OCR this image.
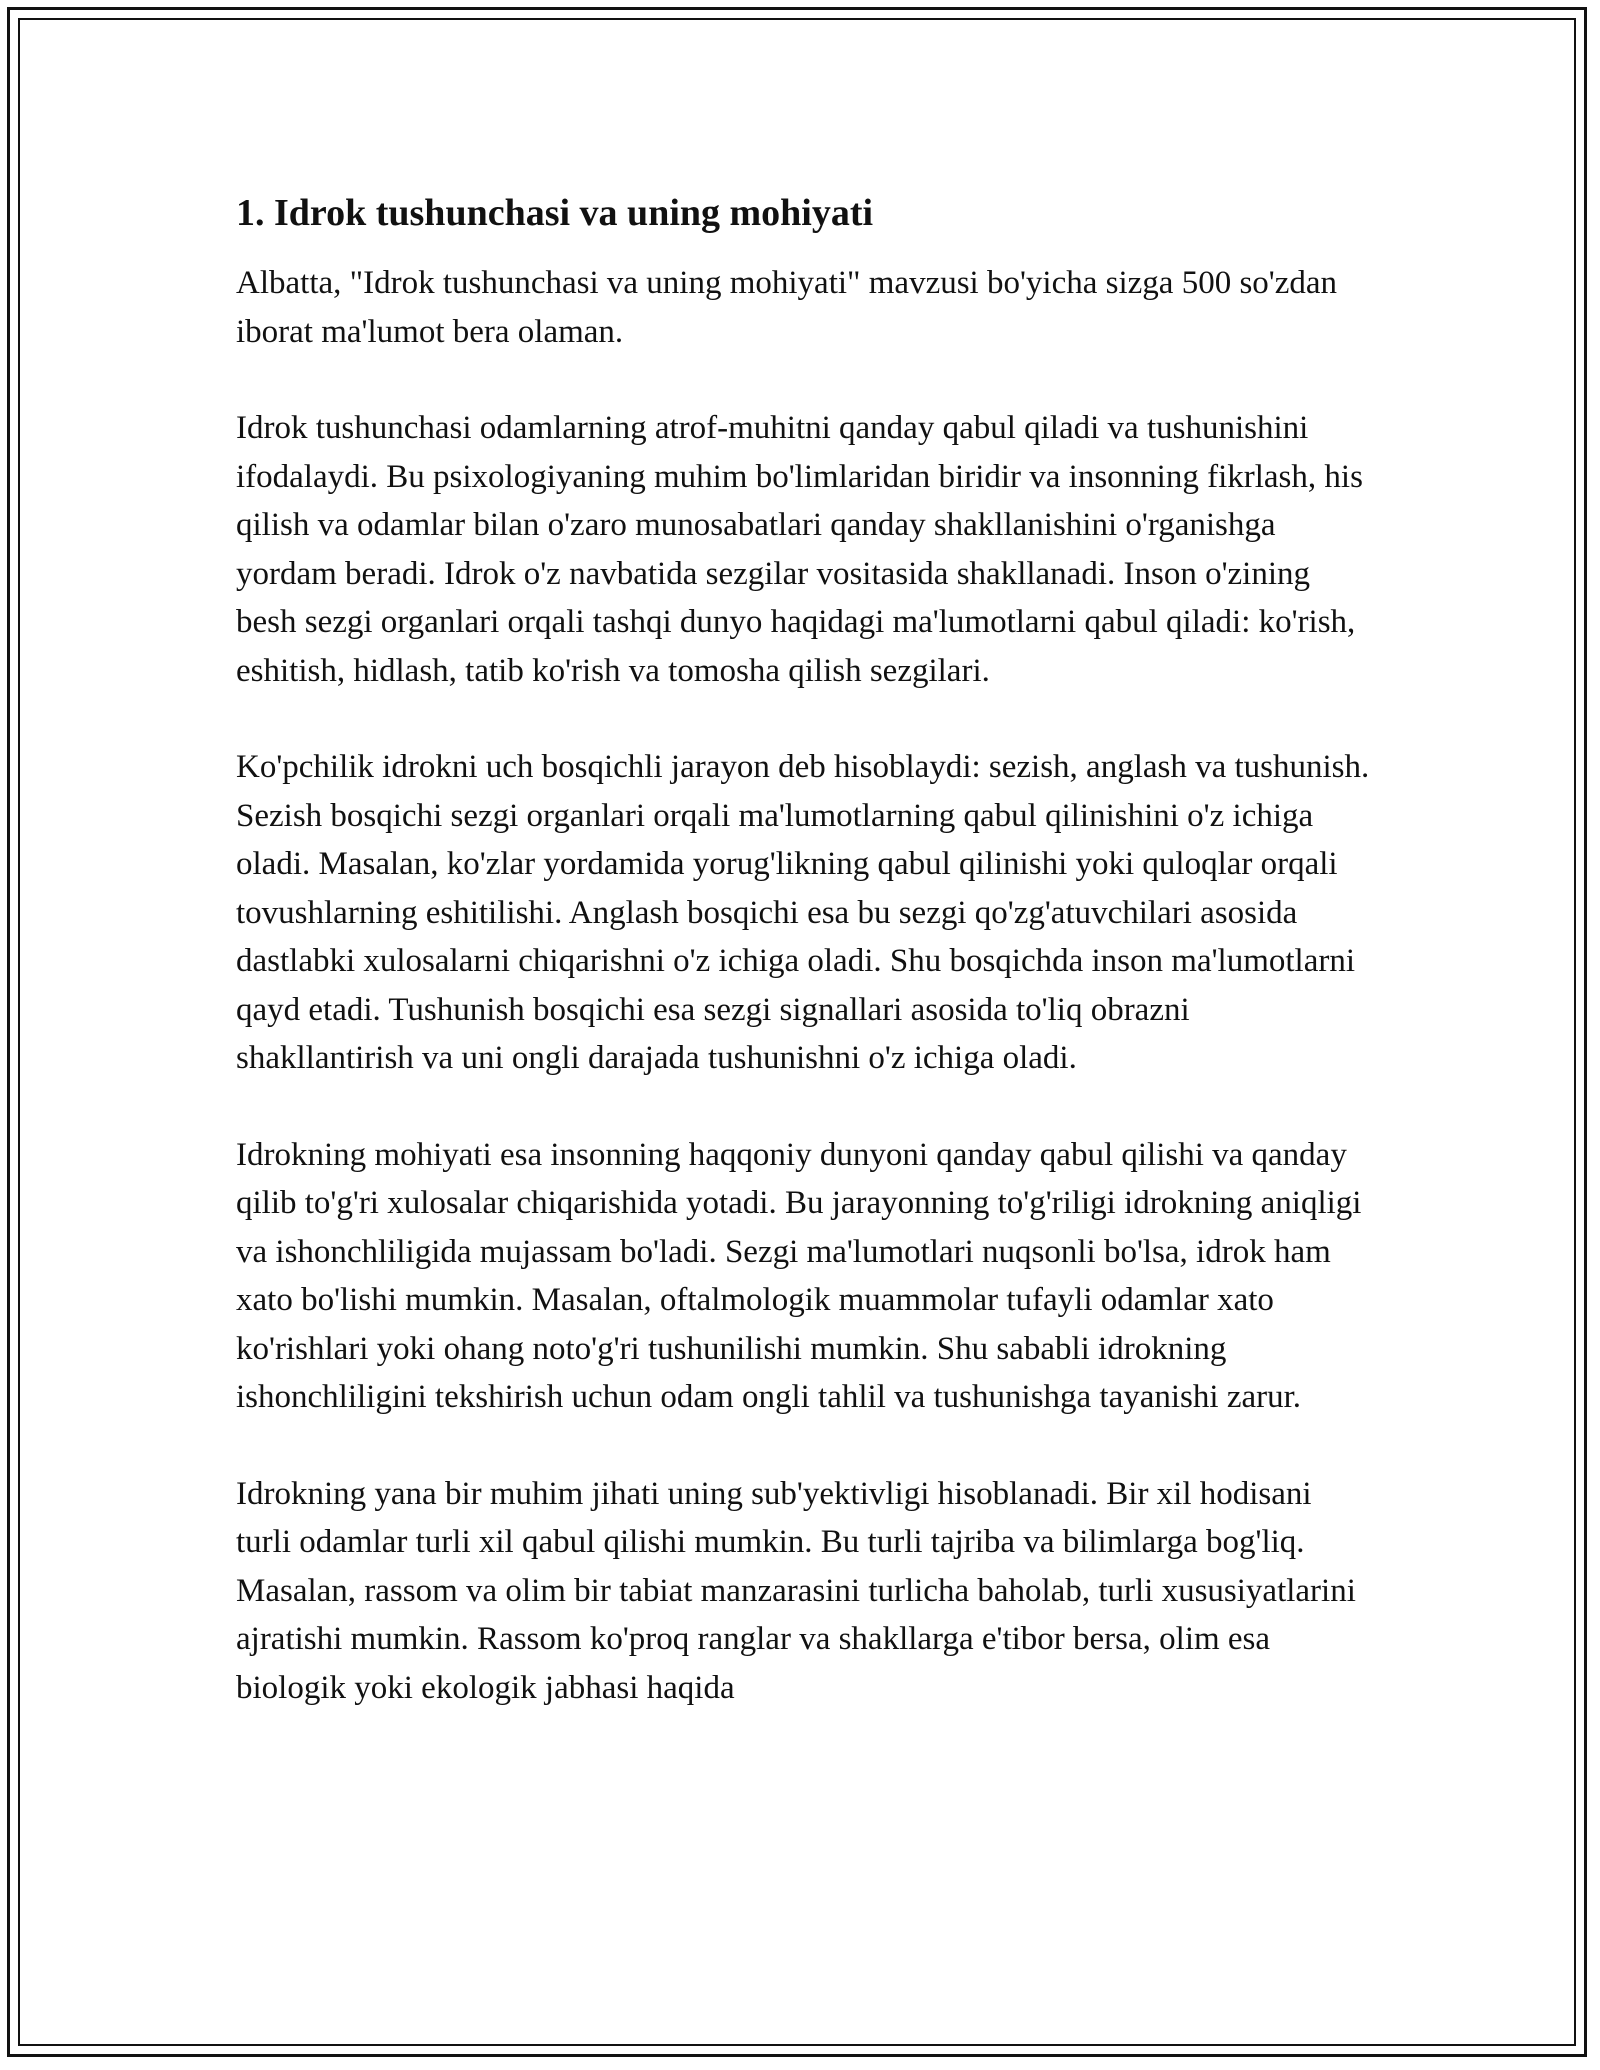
1. Idrok tushunchasi va uning mohiyati

Albatta, "Idrok tushunchasi va uning mohiyati" mavzusi bo'yicha sizga 500 so'zdan iborat ma'lumot bera olaman.

Idrok tushunchasi odamlarning atrof-muhitni qanday qabul qiladi va tushunishini ifodalaydi. Bu psixologiyaning muhim bo'limlaridan biridir va insonning fikrlash, his qilish va odamlar bilan o'zaro munosabatlari qanday shakllanishini o'rganishga yordam beradi. Idrok o'z navbatida sezgilar vositasida shakllanadi. Inson o'zining besh sezgi organlari orqali tashqi dunyo haqidagi ma'lumotlarni qabul qiladi: ko'rish, eshitish, hidlash, tatib ko'rish va tomosha qilish sezgilari.

Ko'pchilik idrokni uch bosqichli jarayon deb hisoblaydi: sezish, anglash va tushunish. Sezish bosqichi sezgi organlari orqali ma'lumotlarning qabul qilinishini o'z ichiga oladi. Masalan, ko'zlar yordamida yorug'likning qabul qilinishi yoki quloqlar orqali tovushlarning eshitilishi. Anglash bosqichi esa bu sezgi qo'zg'atuvchilari asosida dastlabki xulosalarni chiqarishni o'z ichiga oladi. Shu bosqichda inson ma'lumotlarni qayd etadi. Tushunish bosqichi esa sezgi signallari asosida to'liq obrazni shakllantirish va uni ongli darajada tushunishni o'z ichiga oladi.

Idrokning mohiyati esa insonning haqqoniy dunyoni qanday qabul qilishi va qanday qilib to'g'ri xulosalar chiqarishida yotadi. Bu jarayonning to'g'riligi idrokning aniqligi va ishonchliligida mujassam bo'ladi. Sezgi ma'lumotlari nuqsonli bo'lsa, idrok ham xato bo'lishi mumkin. Masalan, oftalmologik muammolar tufayli odamlar xato ko'rishlari yoki ohang noto'g'ri tushunilishi mumkin. Shu sababli idrokning ishonchliligini tekshirish uchun odam ongli tahlil va tushunishga tayanishi zarur.

Idrokning yana bir muhim jihati uning sub'yektivligi hisoblanadi. Bir xil hodisani turli odamlar turli xil qabul qilishi mumkin. Bu turli tajriba va bilimlarga bog'liq. Masalan, rassom va olim bir tabiat manzarasini turlicha baholab, turli xususiyatlarini ajratishi mumkin. Rassom ko'proq ranglar va shakllarga e'tibor bersa, olim esa biologik yoki ekologik jabhasi haqida
